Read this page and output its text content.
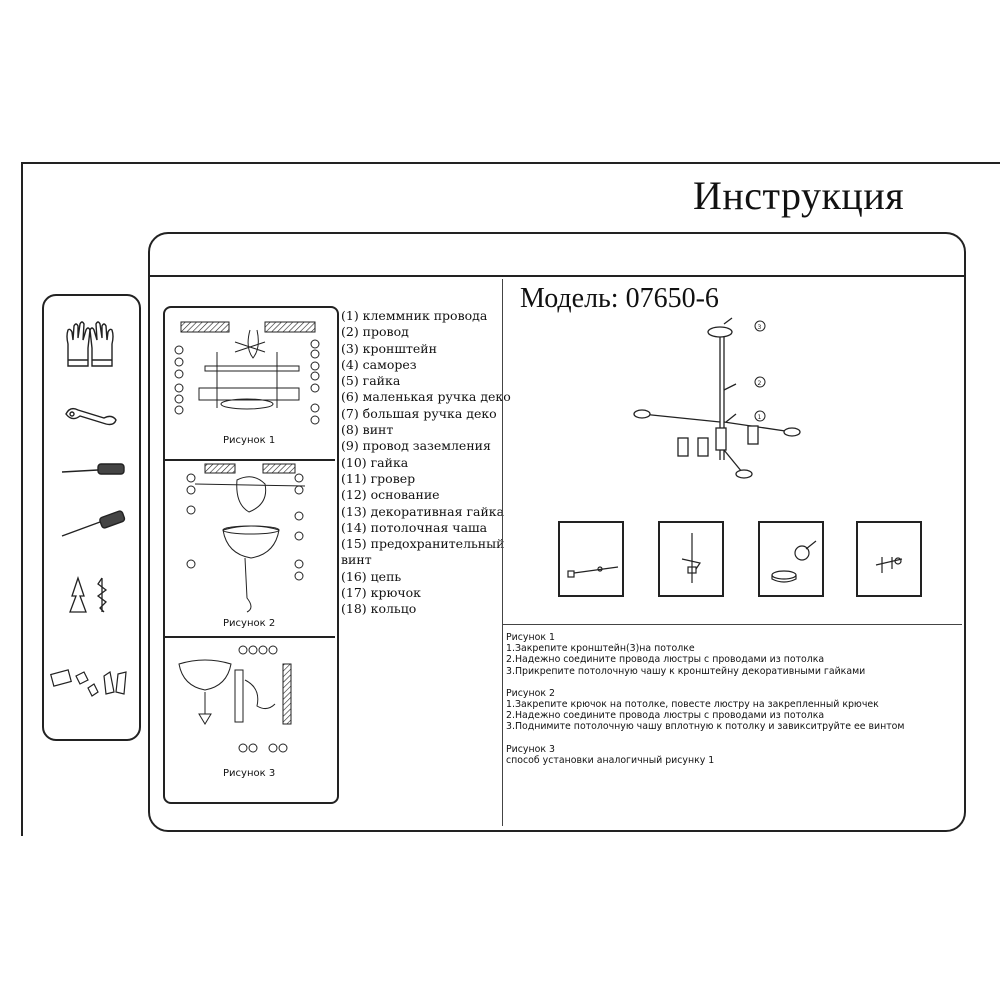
Инструкция
Рисунок 1
Рисунок 2
Рисунок 3
(1) клеммник провода
(2) провод
(3) кронштейн
(4) саморез
(5) гайка
(6) маленькая ручка деко
(7) большая ручка деко
(8) винт
(9) провод заземления
(10) гайка
(11) гровер
(12) основание
(13) декоративная гайка
(14) потолочная чаша
(15) предохранительный
винт
(16) цепь
(17) крючок
(18) кольцо
Модель: 07650-6
3
2
1
Рисунок 1
1.Закрепите кронштейн(3)на потолке
2.Надежно соедините провода люстры с проводами из потолка
3.Прикрепите потолочную чашу к кронштейну декоративными гайками
Рисунок 2
1.Закрепите крючок на потолке, повесте люстру на закрепленный крючек
2.Надежно соедините провода люстры с проводами из потолка
3.Поднимите потолочную чашу вплотную к потолку и завикситруйте ее винтом
Рисунок 3
способ установки аналогичный рисунку 1
